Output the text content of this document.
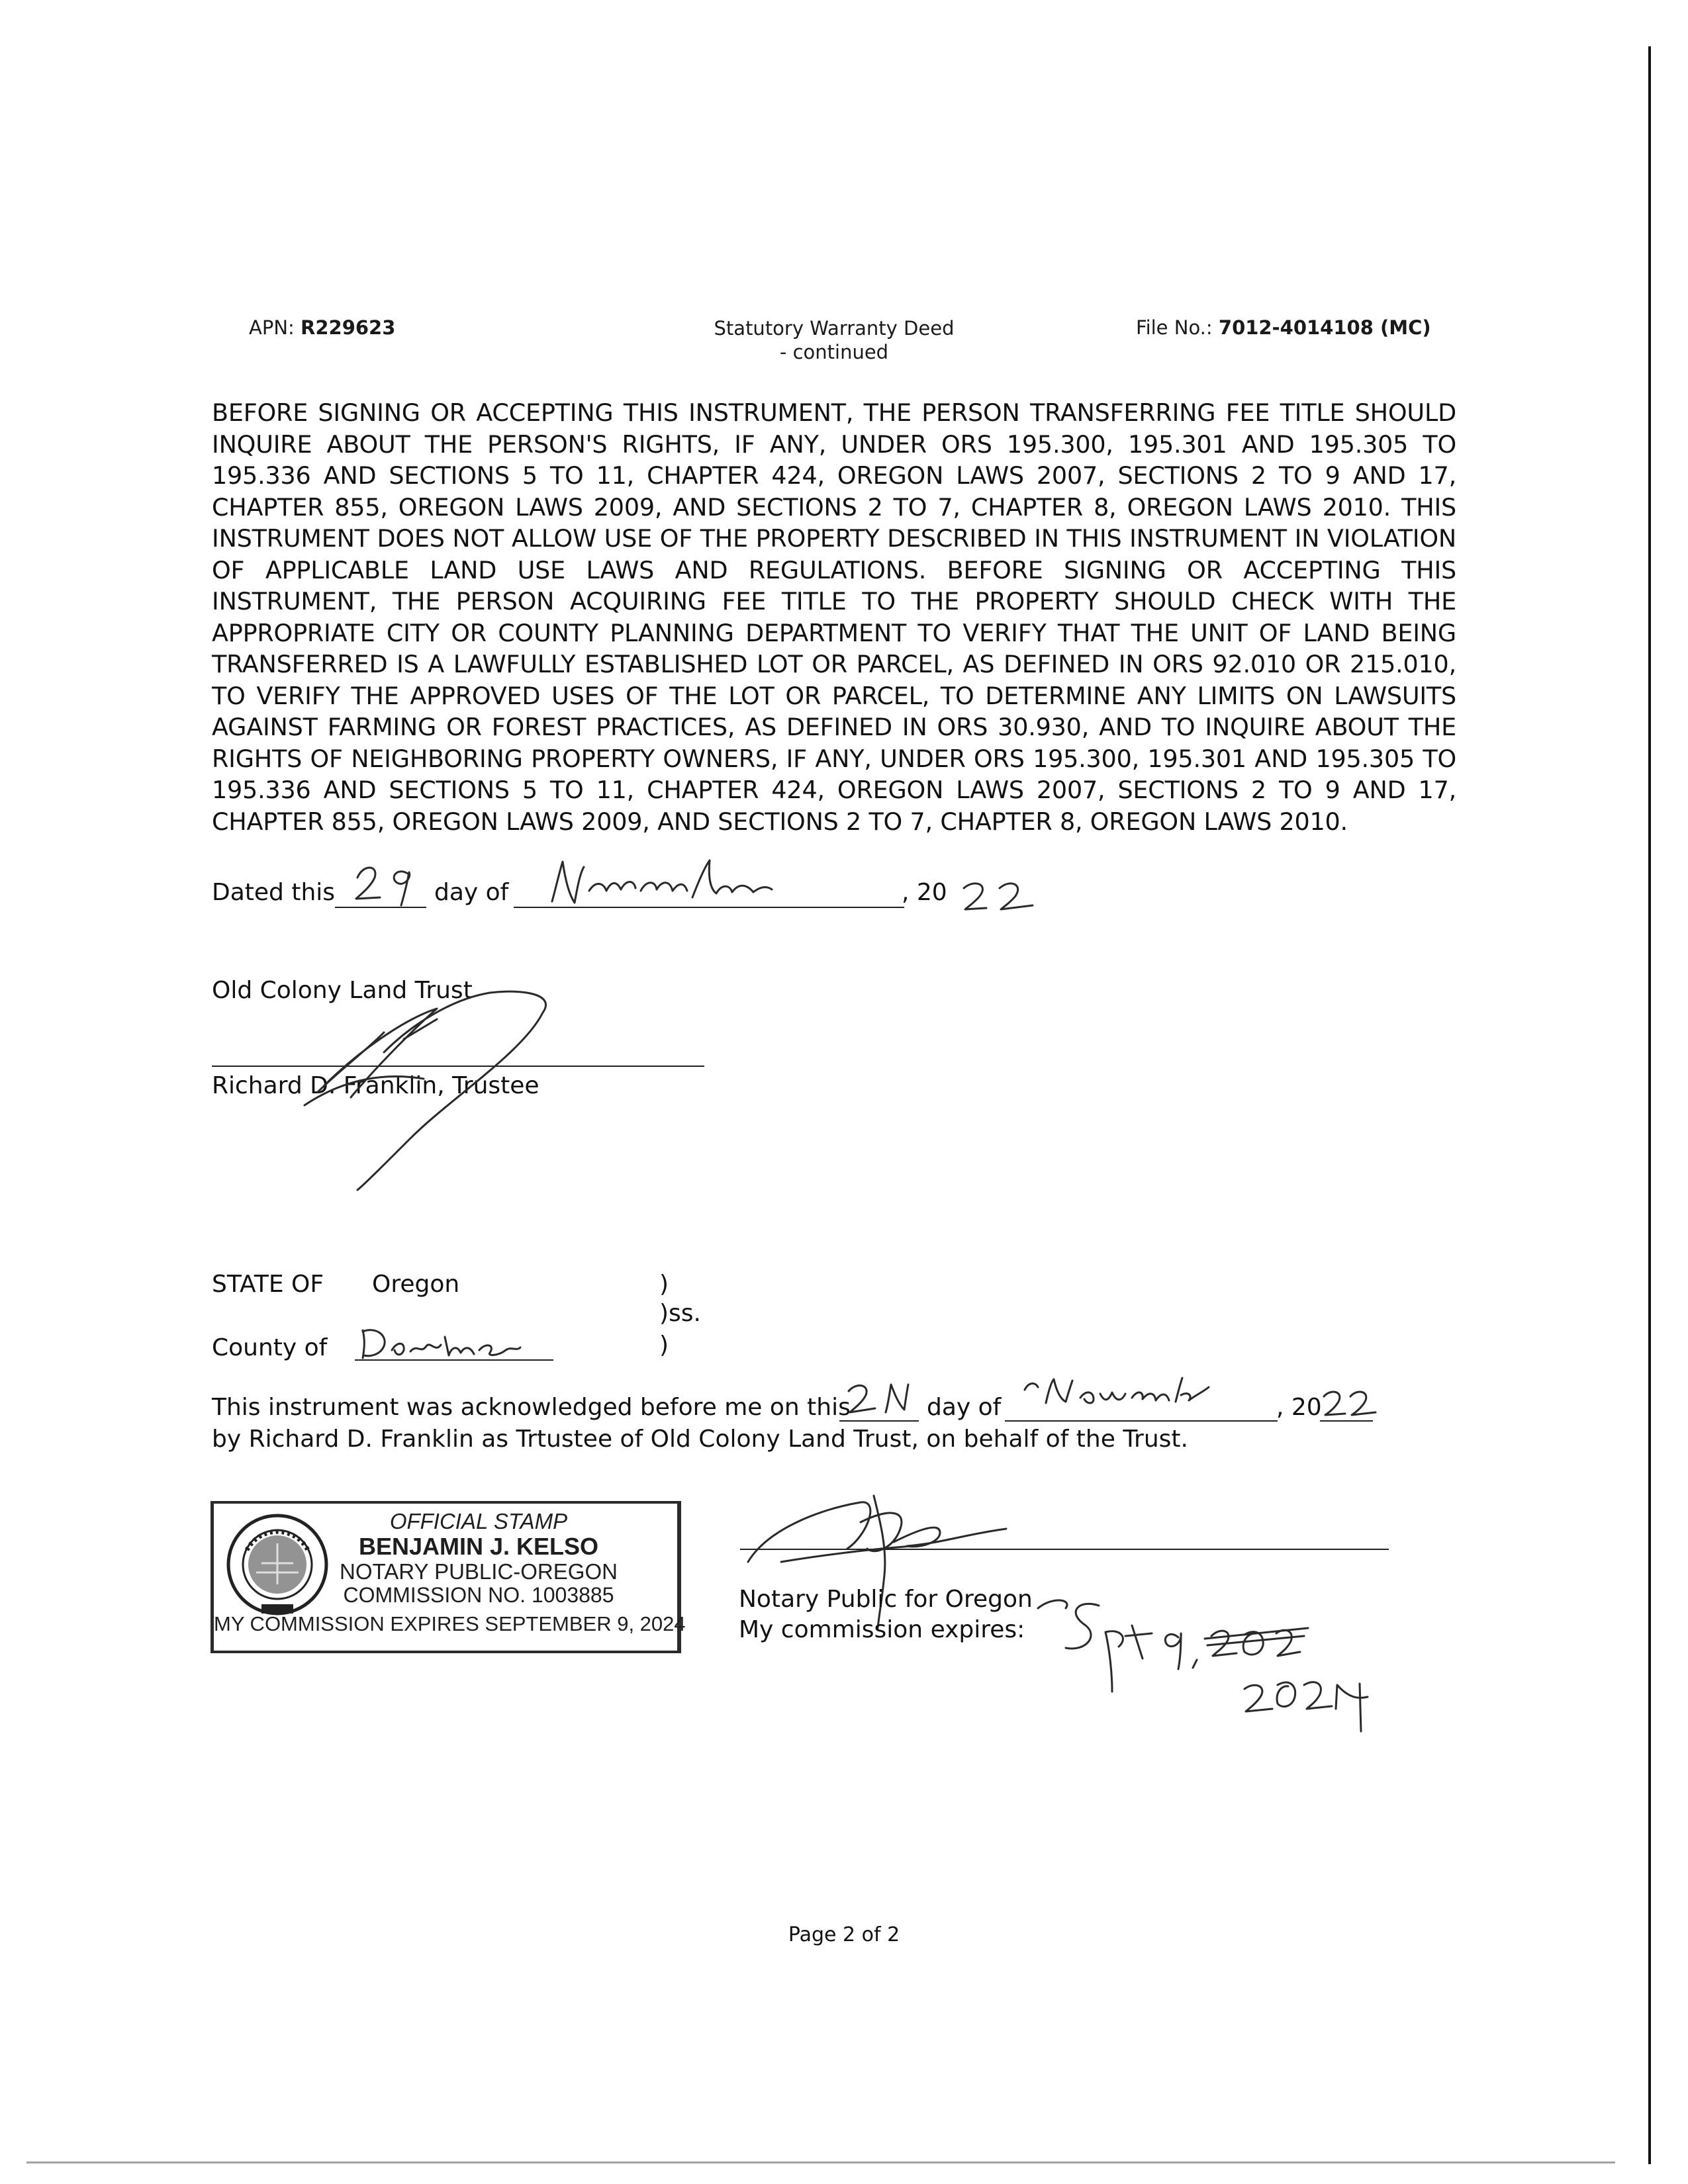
APN: R229623	Statutory Warranty Deed
- continued
File No.: 7012-4014108 (MC)
BEFORE SIGNING OR ACCEPTING THIS INSTRUMENT, THE PERSON TRANSFERRING FEE TITLE SHOULD INQUIRE ABOUT THE PERSON'S RIGHTS, IF ANY, UNDER ORS 195.300, 195.301 AND 195.305 TO 195.336 AND SECTIONS 5 TO 11, CHAPTER 424, OREGON LAWS 2007, SECTIONS 2 TO 9 AND 17, CHAPTER 855, OREGON LAWS 2009, AND SECTIONS 2 TO 7, CHAPTER 8, OREGON LAWS 2010. THIS INSTRUMENT DOES NOT ALLOW USE OF THE PROPERTY DESCRIBED IN THIS INSTRUMENT IN VIOLATION OF APPLICABLE LAND USE LAWS AND REGULATIONS. BEFORE SIGNING OR ACCEPTING THIS INSTRUMENT, THE PERSON ACQUIRING FEE TITLE TO THE PROPERTY SHOULD CHECK WITH THE APPROPRIATE CITY OR COUNTY PLANNING DEPARTMENT TO VERIFY THAT THE UNIT OF LAND BEING TRANSFERRED IS A LAWFULLY ESTABLISHED LOT OR PARCEL, AS DEFINED IN ORS 92.010 OR 215.010, TO VERIFY THE APPROVED USES OF THE LOT OR PARCEL, TO DETERMINE ANY LIMITS ON LAWSUITS AGAINST FARMING OR FOREST PRACTICES, AS DEFINED IN ORS 30.930, AND TO INQUIRE ABOUT THE RIGHTS OF NEIGHBORING PROPERTY OWNERS, IF ANY, UNDER ORS 195.300, 195.301 AND 195.305 TO 195.336 AND SECTIONS 5 TO 11, CHAPTER 424, OREGON LAWS 2007, SECTIONS 2 TO 9 AND 17, CHAPTER 855, OREGON LAWS 2009, AND SECTIONS 2 TO 7, CHAPTER 8, OREGON LAWS 2010.
Dated this	day of	, 20
Old Colony Land Trust
Richard D. Franklin, Trustee
STATE OF Oregon	)
)ss.
)
County of
This instrument was acknowledged before me on this	day of	, 20
by Richard D. Franklin as Trtustee of Old Colony Land Trust, on behalf of the Trust.
OFFICIAL STAMP
BENJAMIN J. KELSO
NOTARY PUBLIC-OREGON
COMMISSION NO. 1003885
MY COMMISSION EXPIRES SEPTEMBER 9, 2024
Notary Public for Oregon
My commission expires:
Page 2 of 2
